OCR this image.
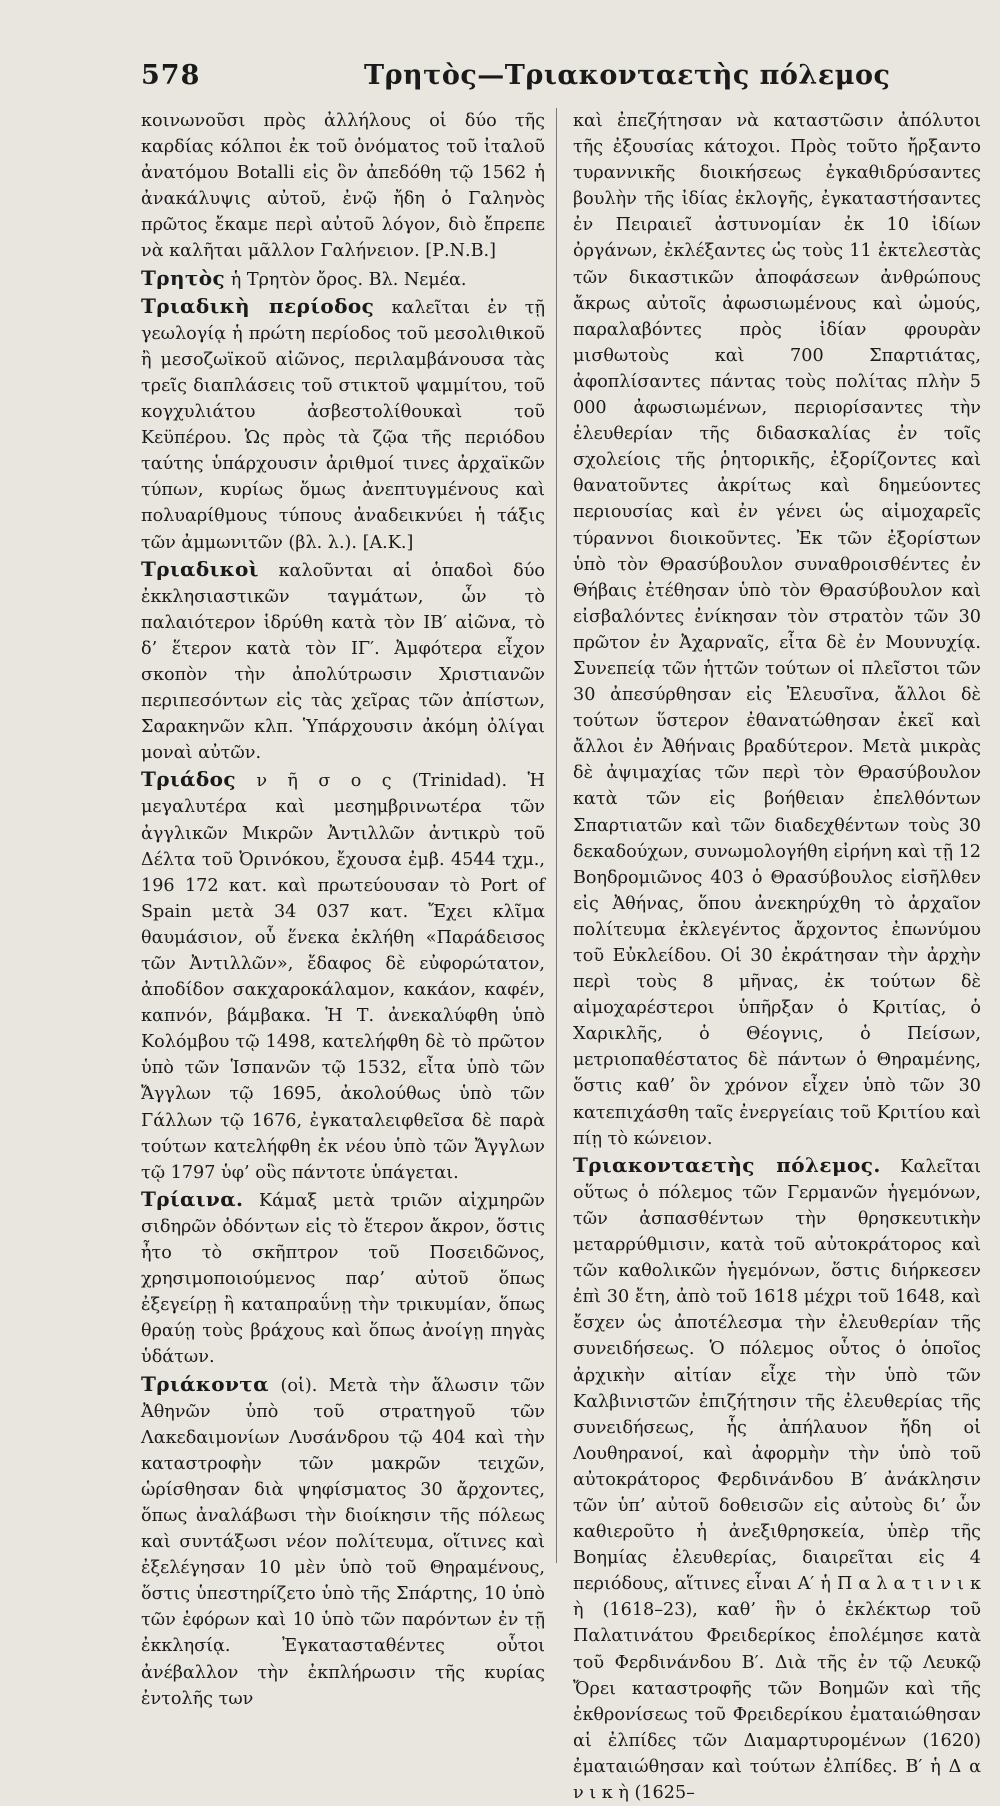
578	Τρητὸς—Τριακονταετὴς πόλεμος

κοινωνοῦσι πρὸς ἀλλήλους οἱ δύο τῆς καρδίας κόλποι ἐκ τοῦ ὀνόματος τοῦ ἰταλοῦ ἀνατόμου Botalli εἰς ὃν ἀπεδόθη τῷ 1562 ἡ ἀνακάλυψις αὐτοῦ, ἐνῷ ἤδη ὁ Γαληνὸς πρῶτος ἔκαμε περὶ αὐτοῦ λόγον, διὸ ἔπρεπε νὰ καλῆται μᾶλλον Γαλήνειον. [Ρ.Ν.Β.]

Τρητὸς ἡ Τρητὸν ὄρος. Βλ. Νεμέα.

Τριαδικὴ περίοδος καλεῖται ἐν τῇ γεωλογίᾳ ἡ πρώτη περίοδος τοῦ μεσολιθικοῦ ἢ μεσοζωϊκοῦ αἰῶνος, περιλαμβάνουσα τὰς τρεῖς διαπλάσεις τοῦ στικτοῦ ψαμμίτου, τοῦ κογχυλιάτου ἀσβεστολίθουκαὶ τοῦ Κεϋπέρου. Ὡς πρὸς τὰ ζῷα τῆς περιόδου ταύτης ὑπάρχουσιν ἀριθμοί τινες ἀρχαϊκῶν τύπων, κυρίως ὅμως ἀνεπτυγμένους καὶ πολυαρίθμους τύπους ἀναδεικνύει ἡ τάξις τῶν ἀμμωνιτῶν (βλ. λ.). [Α.Κ.]

Τριαδικοὶ καλοῦνται αἱ ὁπαδοὶ δύο ἐκκλησιαστικῶν ταγμάτων, ὧν τὸ παλαιότερον ἱδρύθη κατὰ τὸν ΙΒ′ αἰῶνα, τὸ δ’ ἕτερον κατὰ τὸν ΙΓ′. Ἀμφότερα εἶχον σκοπὸν τὴν ἀπολύτρωσιν Χριστιανῶν περιπεσόντων εἰς τὰς χεῖρας τῶν ἀπίστων, Σαρακηνῶν κλπ. Ὑπάρχουσιν ἀκόμη ὀλίγαι μοναὶ αὐτῶν.

Τριάδος ν ῆ σ ο ς (Trinidad). Ἡ μεγαλυτέρα καὶ μεσημβρινωτέρα τῶν ἀγγλικῶν Μικρῶν Ἀντιλλῶν ἀντικρὺ τοῦ Δέλτα τοῦ Ὀρινόκου, ἔχουσα ἐμβ. 4544 τχμ., 196 172 κατ. καὶ πρωτεύουσαν τὸ Port of Spain μετὰ 34 037 κατ. Ἔχει κλῖμα θαυμάσιον, οὗ ἕνεκα ἐκλήθη «Παράδεισος τῶν Ἀντιλλῶν», ἔδαφος δὲ εὐφορώτατον, ἀποδίδον σακχαροκάλαμον, κακάον, καφέν, καπνόν, βάμβακα. Ἡ Τ. ἀνεκαλύφθη ὑπὸ Κολόμβου τῷ 1498, κατελήφθη δὲ τὸ πρῶτον ὑπὸ τῶν Ἱσπανῶν τῷ 1532, εἶτα ὑπὸ τῶν Ἄγγλων τῷ 1695, ἀκολούθως ὑπὸ τῶν Γάλλων τῷ 1676, ἐγκαταλειφθεῖσα δὲ παρὰ τούτων κατελήφθη ἐκ νέου ὑπὸ τῶν Ἄγγλων τῷ 1797 ὑφ’ οὓς πάντοτε ὑπάγεται.

Τρίαινα. Κάμαξ μετὰ τριῶν αἰχμηρῶν σιδηρῶν ὀδόντων εἰς τὸ ἕτερον ἄκρον, ὅστις ἦτο τὸ σκῆπτρον τοῦ Ποσειδῶνος, χρησιμοποιούμενος παρ’ αὐτοῦ ὅπως ἐξεγείρῃ ἢ καταπραΰνῃ τὴν τρικυμίαν, ὅπως θραύῃ τοὺς βράχους καὶ ὅπως ἀνοίγῃ πηγὰς ὑδάτων.

Τριάκοντα (οἱ). Μετὰ τὴν ἅλωσιν τῶν Ἀθηνῶν ὑπὸ τοῦ στρατηγοῦ τῶν Λακεδαιμονίων Λυσάνδρου τῷ 404 καὶ τὴν καταστροφὴν τῶν μακρῶν τειχῶν, ὡρίσθησαν διὰ ψηφίσματος 30 ἄρχοντες, ὅπως ἀναλάβωσι τὴν διοίκησιν τῆς πόλεως καὶ συντάξωσι νέον πολίτευμα, οἵτινες καὶ ἐξελέγησαν 10 μὲν ὑπὸ τοῦ Θηραμένους, ὅστις ὑπεστηρίζετο ὑπὸ τῆς Σπάρτης, 10 ὑπὸ τῶν ἐφόρων καὶ 10 ὑπὸ τῶν παρόντων ἐν τῇ ἐκκλησίᾳ. Ἐγκατασταθέντες οὗτοι ἀνέβαλλον τὴν ἐκπλήρωσιν τῆς κυρίας ἐντολῆς των

καὶ ἐπεζήτησαν νὰ καταστῶσιν ἀπόλυτοι τῆς ἐξουσίας κάτοχοι. Πρὸς τοῦτο ἤρξαντο τυραννικῆς διοικήσεως ἐγκαθιδρύσαντες βουλὴν τῆς ἰδίας ἐκλογῆς, ἐγκαταστήσαντες ἐν Πειραιεῖ ἀστυνομίαν ἐκ 10 ἰδίων ὀργάνων, ἐκλέξαντες ὡς τοὺς 11 ἐκτελεστὰς τῶν δικαστικῶν ἀποφάσεων ἀνθρώπους ἄκρως αὐτοῖς ἀφωσιωμένους καὶ ὠμούς, παραλαβόντες πρὸς ἰδίαν φρουρὰν μισθωτοὺς καὶ 700 Σπαρτιάτας, ἀφοπλίσαντες πάντας τοὺς πολίτας πλὴν 5 000 ἀφωσιωμένων, περιορίσαντες τὴν ἐλευθερίαν τῆς διδασκαλίας ἐν τοῖς σχολείοις τῆς ῥητορικῆς, ἐξορίζοντες καὶ θανατοῦντες ἀκρίτως καὶ δημεύοντες περιουσίας καὶ ἐν γένει ὡς αἱμοχαρεῖς τύραννοι διοικοῦντες. Ἐκ τῶν ἐξορίστων ὑπὸ τὸν Θρασύβουλον συναθροισθέντες ἐν Θήβαις ἐτέθησαν ὑπὸ τὸν Θρασύβουλον καὶ εἰσβαλόντες ἐνίκησαν τὸν στρατὸν τῶν 30 πρῶτον ἐν Ἀχαρναῖς, εἶτα δὲ ἐν Μουνυχίᾳ. Συνεπείᾳ τῶν ἡττῶν τούτων οἱ πλεῖστοι τῶν 30 ἀπεσύρθησαν εἰς Ἐλευσῖνα, ἄλλοι δὲ τούτων ὕστερον ἐθανατώθησαν ἐκεῖ καὶ ἄλλοι ἐν Ἀθήναις βραδύτερον. Μετὰ μικρὰς δὲ ἀψιμαχίας τῶν περὶ τὸν Θρασύβουλον κατὰ τῶν εἰς βοήθειαν ἐπελθόντων Σπαρτιατῶν καὶ τῶν διαδεχθέντων τοὺς 30 δεκαδούχων, συνωμολογήθη εἰρήνη καὶ τῇ 12 Βοηδρομιῶνος 403 ὁ Θρασύβουλος εἰσῆλθεν εἰς Ἀθήνας, ὅπου ἀνεκηρύχθη τὸ ἀρχαῖον πολίτευμα ἐκλεγέντος ἄρχοντος ἐπωνύμου τοῦ Εὐκλείδου. Οἱ 30 ἐκράτησαν τὴν ἀρχὴν περὶ τοὺς 8 μῆνας, ἐκ τούτων δὲ αἱμοχαρέστεροι ὑπῆρξαν ὁ Κριτίας, ὁ Χαρικλῆς, ὁ Θέογνις, ὁ Πείσων, μετριοπαθέστατος δὲ πάντων ὁ Θηραμένης, ὅστις καθ’ ὃν χρόνον εἶχεν ὑπὸ τῶν 30 κατεπιχάσθη ταῖς ἐνεργείαις τοῦ Κριτίου καὶ πίῃ τὸ κώνειον.

Τριακονταετὴς πόλεμος. Καλεῖται οὕτως ὁ πόλεμος τῶν Γερμανῶν ἡγεμόνων, τῶν ἀσπασθέντων τὴν θρησκευτικὴν μεταρρύθμισιν, κατὰ τοῦ αὐτοκράτορος καὶ τῶν καθολικῶν ἡγεμόνων, ὅστις διήρκεσεν ἐπὶ 30 ἔτη, ἀπὸ τοῦ 1618 μέχρι τοῦ 1648, καὶ ἔσχεν ὡς ἀποτέλεσμα τὴν ἐλευθερίαν τῆς συνειδήσεως. Ὁ πόλεμος οὗτος ὁ ὁποῖος ἀρχικὴν αἰτίαν εἶχε τὴν ὑπὸ τῶν Καλβινιστῶν ἐπιζήτησιν τῆς ἐλευθερίας τῆς συνειδήσεως, ἧς ἀπήλαυον ἤδη οἱ Λουθηρανοί, καὶ ἀφορμὴν τὴν ὑπὸ τοῦ αὐτοκράτορος Φερδινάνδου Β′ ἀνάκλησιν τῶν ὑπ’ αὐτοῦ δοθεισῶν εἰς αὐτοὺς δι’ ὧν καθιεροῦτο ἡ ἀνεξιθρησκεία, ὑπὲρ τῆς Βοημίας ἐλευθερίας, διαιρεῖται εἰς 4 περιόδους, αἵτινες εἶναι Α′ ἡ Π α λ α τ ι ν ι κ ὴ (1618–23), καθ’ ἣν ὁ ἐκλέκτωρ τοῦ Παλατινάτου Φρειδερίκος ἐπολέμησε κατὰ τοῦ Φερδινάνδου Β′. Διὰ τῆς ἐν τῷ Λευκῷ Ὄρει καταστροφῆς τῶν Βοημῶν καὶ τῆς ἐκθρονίσεως τοῦ Φρειδερίκου ἐματαιώθησαν αἱ ἐλπίδες τῶν Διαμαρτυρομένων (1620) ἐματαιώθησαν καὶ τούτων ἐλπίδες. Β′ ἡ Δ α ν ι κ ὴ (1625–
